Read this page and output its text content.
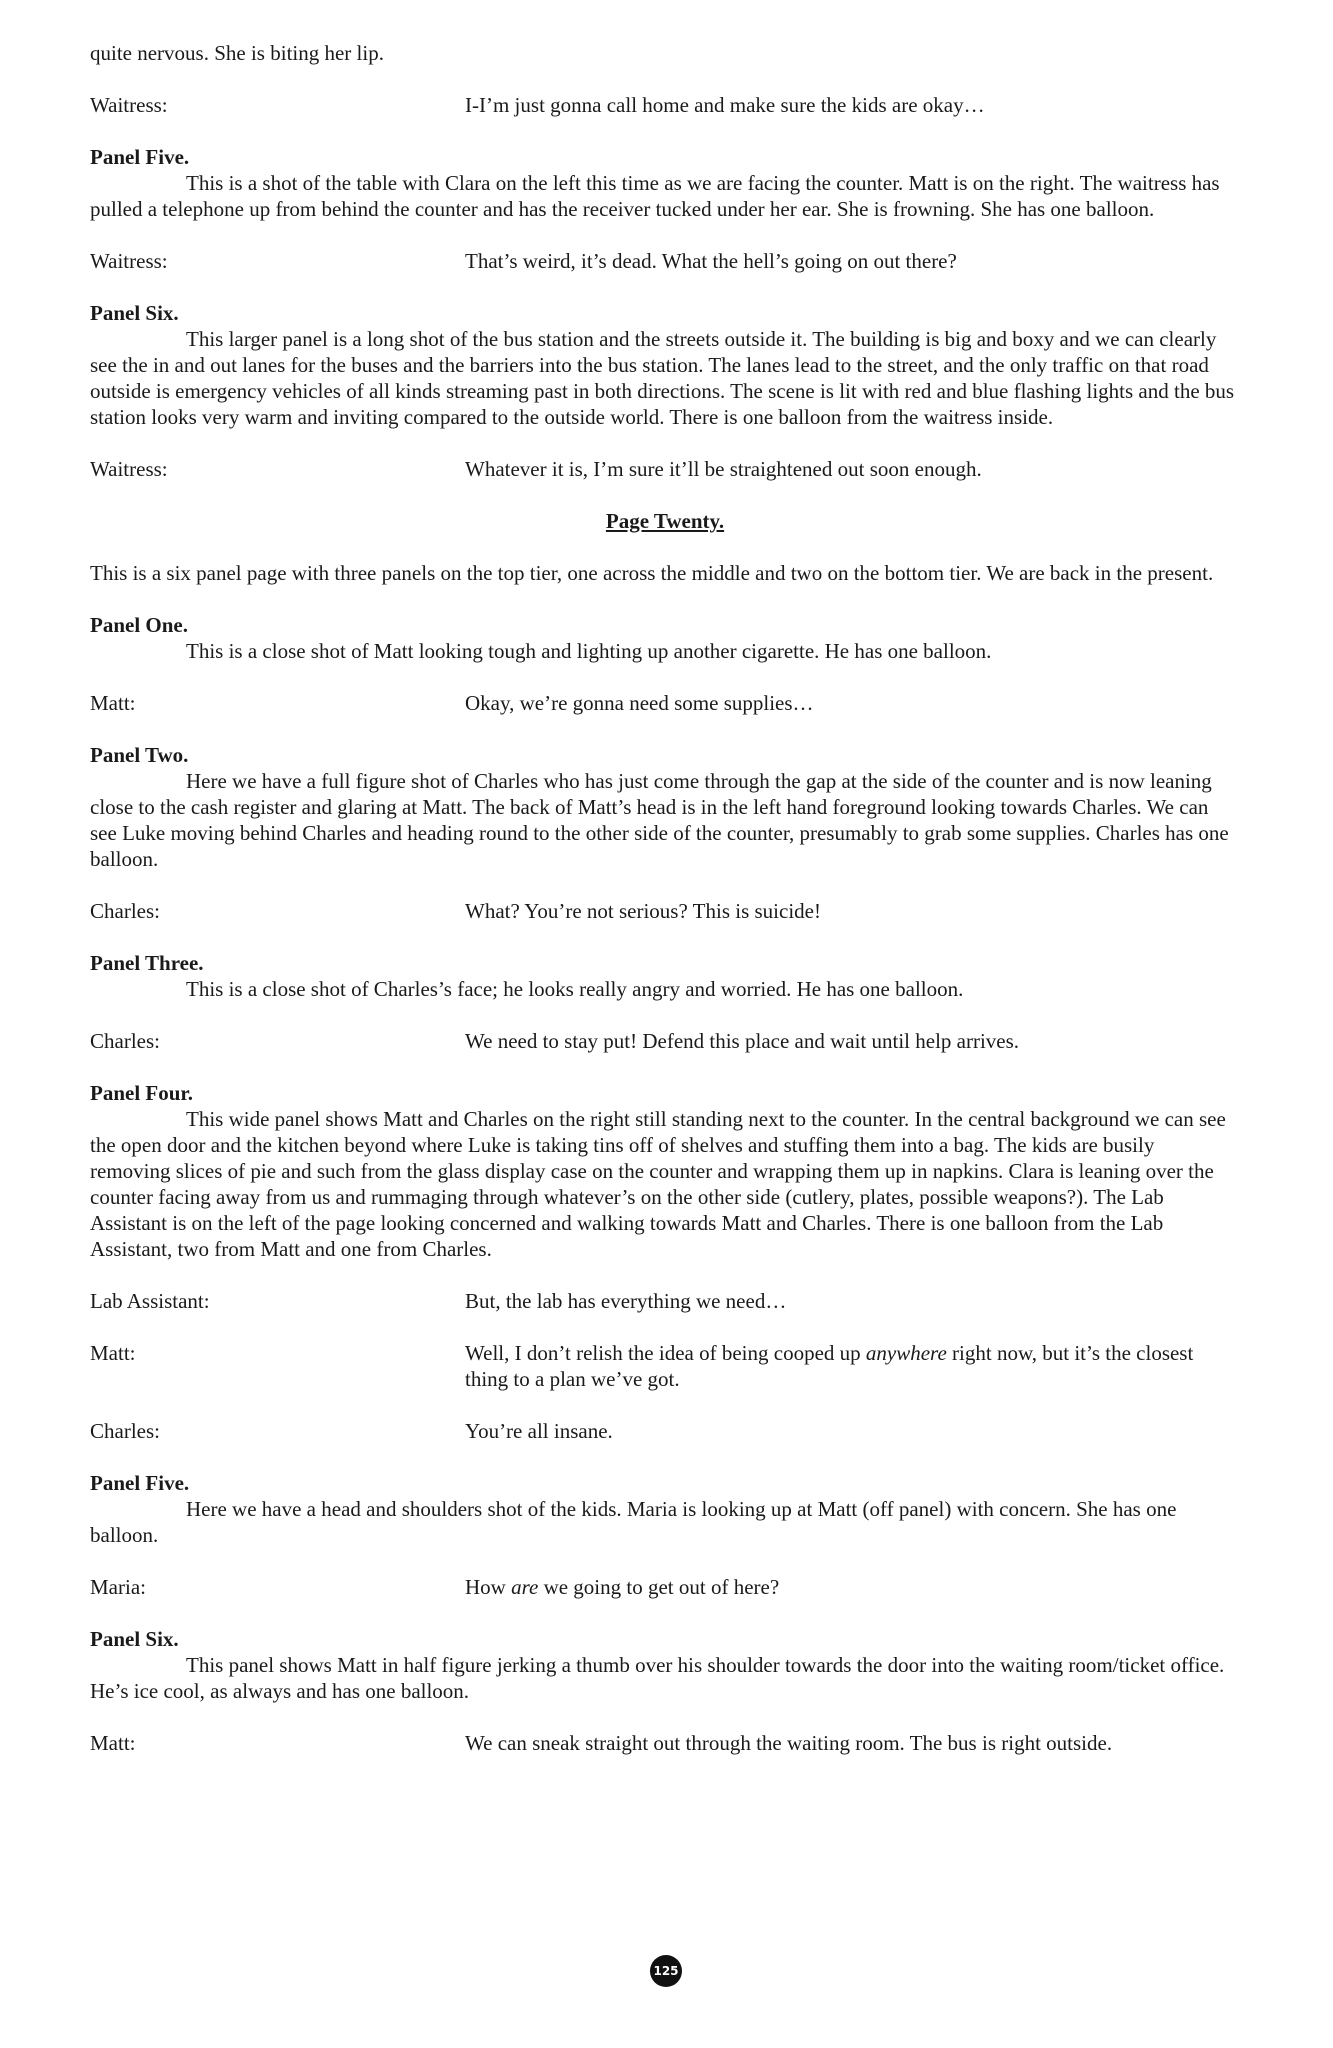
quite nervous. She is biting her lip.

Waitress:	I-I’m just gonna call home and make sure the kids are okay…

Panel Five.

This is a shot of the table with Clara on the left this time as we are facing the counter. Matt is on the right. The waitress has pulled a telephone up from behind the counter and has the receiver tucked under her ear. She is frowning. She has one balloon.

Waitress:	That’s weird, it’s dead. What the hell’s going on out there?

Panel Six.

This larger panel is a long shot of the bus station and the streets outside it. The building is big and boxy and we can clearly see the in and out lanes for the buses and the barriers into the bus station. The lanes lead to the street, and the only traffic on that road outside is emergency vehicles of all kinds streaming past in both directions. The scene is lit with red and blue flashing lights and the bus station looks very warm and inviting compared to the outside world. There is one balloon from the waitress inside.

Waitress:	Whatever it is, I’m sure it’ll be straightened out soon enough.

Page Twenty.

This is a six panel page with three panels on the top tier, one across the middle and two on the bottom tier. We are back in the present.

Panel One.

This is a close shot of Matt looking tough and lighting up another cigarette. He has one balloon.

Matt:	Okay, we’re gonna need some supplies…

Panel Two.

Here we have a full figure shot of Charles who has just come through the gap at the side of the counter and is now leaning close to the cash register and glaring at Matt. The back of Matt’s head is in the left hand foreground looking towards Charles. We can see Luke moving behind Charles and heading round to the other side of the counter, presumably to grab some supplies. Charles has one balloon.

Charles:	What? You’re not serious? This is suicide!

Panel Three.

This is a close shot of Charles’s face; he looks really angry and worried. He has one balloon.

Charles:	We need to stay put! Defend this place and wait until help arrives.

Panel Four.

This wide panel shows Matt and Charles on the right still standing next to the counter. In the central background we can see the open door and the kitchen beyond where Luke is taking tins off of shelves and stuffing them into a bag. The kids are busily removing slices of pie and such from the glass display case on the counter and wrapping them up in napkins. Clara is leaning over the counter facing away from us and rummaging through whatever’s on the other side (cutlery, plates, possible weapons?). The Lab Assistant is on the left of the page looking concerned and walking towards Matt and Charles. There is one balloon from the Lab Assistant, two from Matt and one from Charles.

Lab Assistant:	But, the lab has everything we need…
Matt:	Well, I don’t relish the idea of being cooped up anywhere right now, but it’s the closest thing to a plan we’ve got.
Charles:	You’re all insane.

Panel Five.

Here we have a head and shoulders shot of the kids. Maria is looking up at Matt (off panel) with concern. She has one balloon.

Maria:	How are we going to get out of here?

Panel Six.

This panel shows Matt in half figure jerking a thumb over his shoulder towards the door into the waiting room/ticket office. He’s ice cool, as always and has one balloon.

Matt:	We can sneak straight out through the waiting room. The bus is right outside.
125
